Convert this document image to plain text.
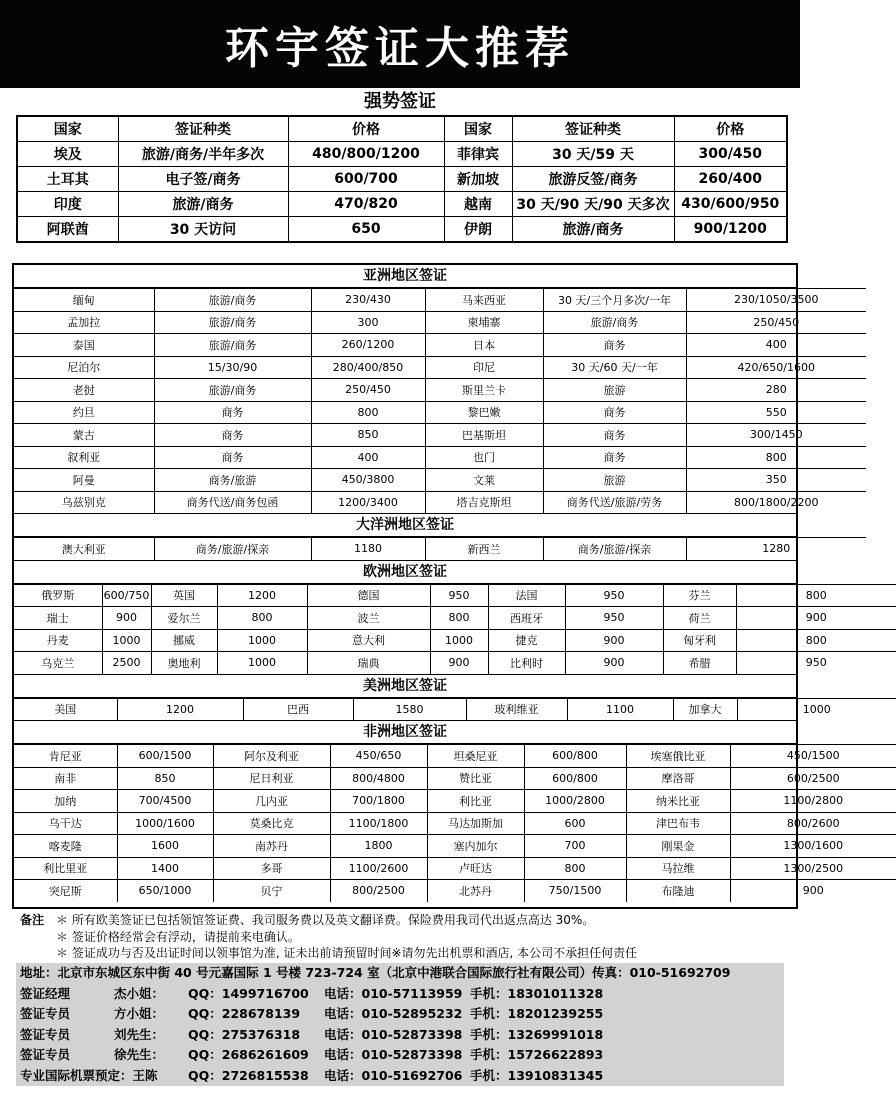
环宇签证大推荐
强势签证
国家	签证种类	价格	国家	签证种类	价格
埃及	旅游/商务/半年多次	480/800/1200	菲律宾	30 天/59 天	300/450
土耳其	电子签/商务	600/700	新加坡	旅游反签/商务	260/400
印度	旅游/商务	470/820	越南	30 天/90 天/90 天多次	430/600/950
阿联酋	30 天访问	650	伊朗	旅游/商务	900/1200
亚洲地区签证
缅甸	旅游/商务	230/430	马来西亚	30 天/三个月多次/一年	230/1050/3500
孟加拉	旅游/商务	300	柬埔寨	旅游/商务	250/450
泰国	旅游/商务	260/1200	日本	商务	400
尼泊尔	15/30/90	280/400/850	印尼	30 天/60 天/一年	420/650/1600
老挝	旅游/商务	250/450	斯里兰卡	旅游	280
约旦	商务	800	黎巴嫩	商务	550
蒙古	商务	850	巴基斯坦	商务	300/1450
叙利亚	商务	400	也门	商务	800
阿曼	商务/旅游	450/3800	文莱	旅游	350
乌兹别克	商务代送/商务包函	1200/3400	塔吉克斯坦	商务代送/旅游/劳务	800/1800/2200
大洋洲地区签证
澳大利亚	商务/旅游/探亲	1180	新西兰	商务/旅游/探亲	1280
欧洲地区签证
俄罗斯	600/750	英国	1200	德国	950	法国	950	芬兰	800
瑞士	900	爱尔兰	800	波兰	800	西班牙	950	荷兰	900
丹麦	1000	挪威	1000	意大利	1000	捷克	900	匈牙利	800
乌克兰	2500	奥地利	1000	瑞典	900	比利时	900	希腊	950
美洲地区签证
美国	1200	巴西	1580	玻利维亚	1100	加拿大	1000
非洲地区签证
肯尼亚	600/1500	阿尔及利亚	450/650	坦桑尼亚	600/800	埃塞俄比亚	450/1500
南非	850	尼日利亚	800/4800	赞比亚	600/800	摩洛哥	600/2500
加纳	700/4500	几内亚	700/1800	利比亚	1000/2800	纳米比亚	1100/2800
乌干达	1000/1600	莫桑比克	1100/1800	马达加斯加	600	津巴布韦	800/2600
喀麦隆	1600	南苏丹	1800	塞内加尔	700	刚果金	1300/1600
利比里亚	1400	多哥	1100/2600	卢旺达	800	马拉维	1300/2500
突尼斯	650/1000	贝宁	800/2500	北苏丹	750/1500	布隆迪	900
备注 ＊ 所有欧美签证已包括领馆签证费、我司服务费以及英文翻译费。保险费用我司代出返点高达 30%。
＊ 签证价格经常会有浮动，请提前来电确认。
＊ 签证成功与否及出证时间以领事馆为准, 证未出前请预留时间※请勿先出机票和酒店, 本公司不承担任何责任
地址：北京市东城区东中街 40 号元嘉国际 1 号楼 723-724 室（北京中港联合国际旅行社有限公司）传真：010-51692709
签证经理	杰小姐： QQ：1499716700 电话：010-57113959 手机：18301011328
签证专员	方小姐： QQ：228678139 电话：010-52895232 手机：18201239255
签证专员	刘先生： QQ：275376318 电话：010-52873398 手机：13269991018
签证专员	徐先生： QQ：2686261609 电话：010-52873398 手机：15726622893
专业国际机票预定：王陈 QQ：2726815538 电话：010-51692706 手机：13910831345
